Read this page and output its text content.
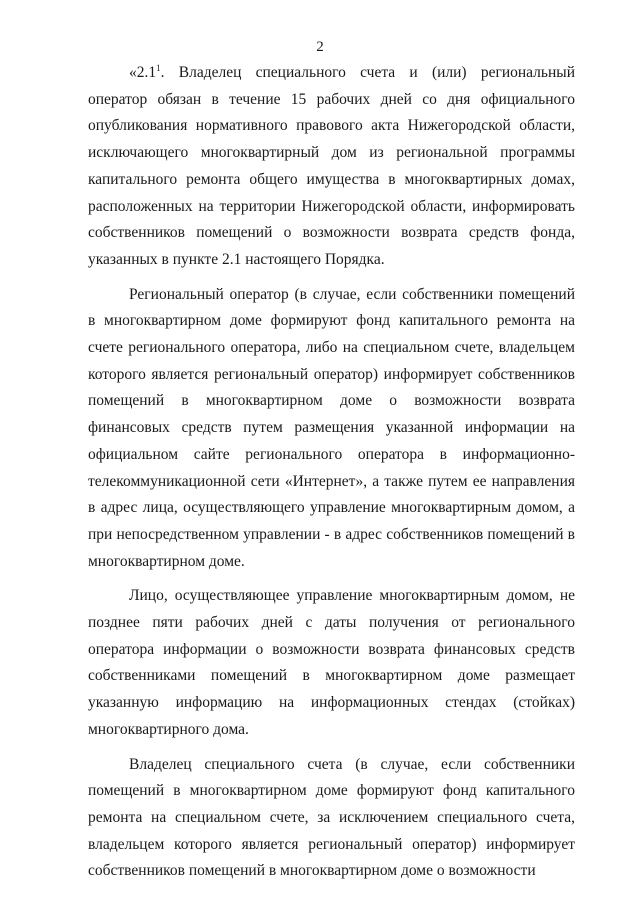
2

«$2.1^1$. Владелец специального счета и (или) региональный оператор обязан в течение 15 рабочих дней со дня официального опубликования нормативного правового акта Нижегородской области, исключающего многоквартирный дом из региональной программы капитального ремонта общего имущества в многоквартирных домах, расположенных на территории Нижегородской области, информировать собственников помещений о возможности возврата средств фонда, указанных в пункте 2.1 настоящего Порядка.

Региональный оператор (в случае, если собственники помещений в многоквартирном доме формируют фонд капитального ремонта на счете регионального оператора, либо на специальном счете, владельцем которого является региональный оператор) информирует собственников помещений в многоквартирном доме о возможности возврата финансовых средств путем размещения указанной информации на официальном сайте регионального оператора в информационно-телекоммуникационной сети «Интернет», а также путем ее направления в адрес лица, осуществляющего управление многоквартирным домом, а при непосредственном управлении - в адрес собственников помещений в многоквартирном доме.

Лицо, осуществляющее управление многоквартирным домом, не позднее пяти рабочих дней с даты получения от регионального оператора информации о возможности возврата финансовых средств собственниками помещений в многоквартирном доме размещает указанную информацию на информационных стендах (стойках) многоквартирного дома.

Владелец специального счета (в случае, если собственники помещений в многоквартирном доме формируют фонд капитального ремонта на специальном счете, за исключением специального счета, владельцем которого является региональный оператор) информирует собственников помещений в многоквартирном доме о возможности
